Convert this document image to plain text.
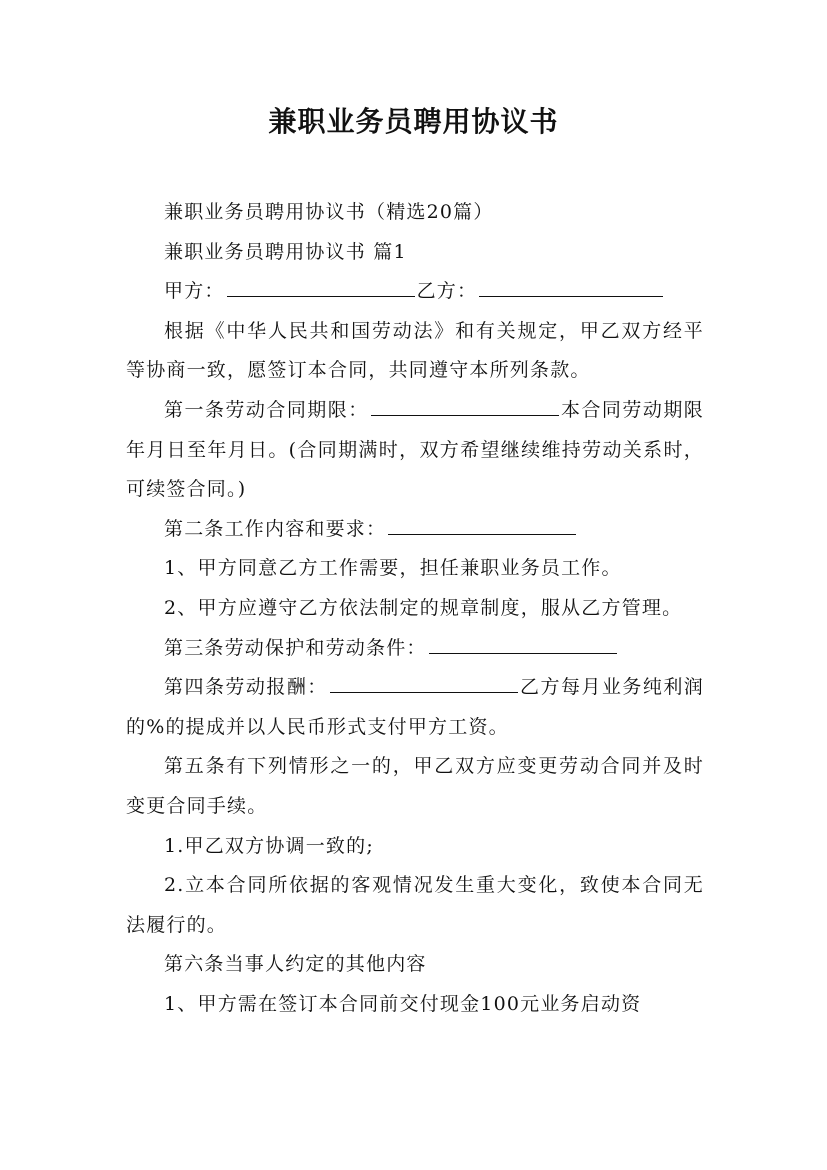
兼职业务员聘用协议书

兼职业务员聘用协议书（精选20篇）

兼职业务员聘用协议书 篇1

甲方：	乙方：

根据《中华人民共和国劳动法》和有关规定，甲乙双方经平等协商一致，愿签订本合同，共同遵守本所列条款。

第一条劳动合同期限：	本合同劳动期限年月日至年月日。(合同期满时，双方希望继续维持劳动关系时，可续签合同。)

第二条工作内容和要求：

1、甲方同意乙方工作需要，担任兼职业务员工作。

2、甲方应遵守乙方依法制定的规章制度，服从乙方管理。

第三条劳动保护和劳动条件：

第四条劳动报酬：	乙方每月业务纯利润的%的提成并以人民币形式支付甲方工资。

第五条有下列情形之一的，甲乙双方应变更劳动合同并及时变更合同手续。

1.甲乙双方协调一致的;

2.立本合同所依据的客观情况发生重大变化，致使本合同无法履行的。

第六条当事人约定的其他内容

1、甲方需在签订本合同前交付现金100元业务启动资
